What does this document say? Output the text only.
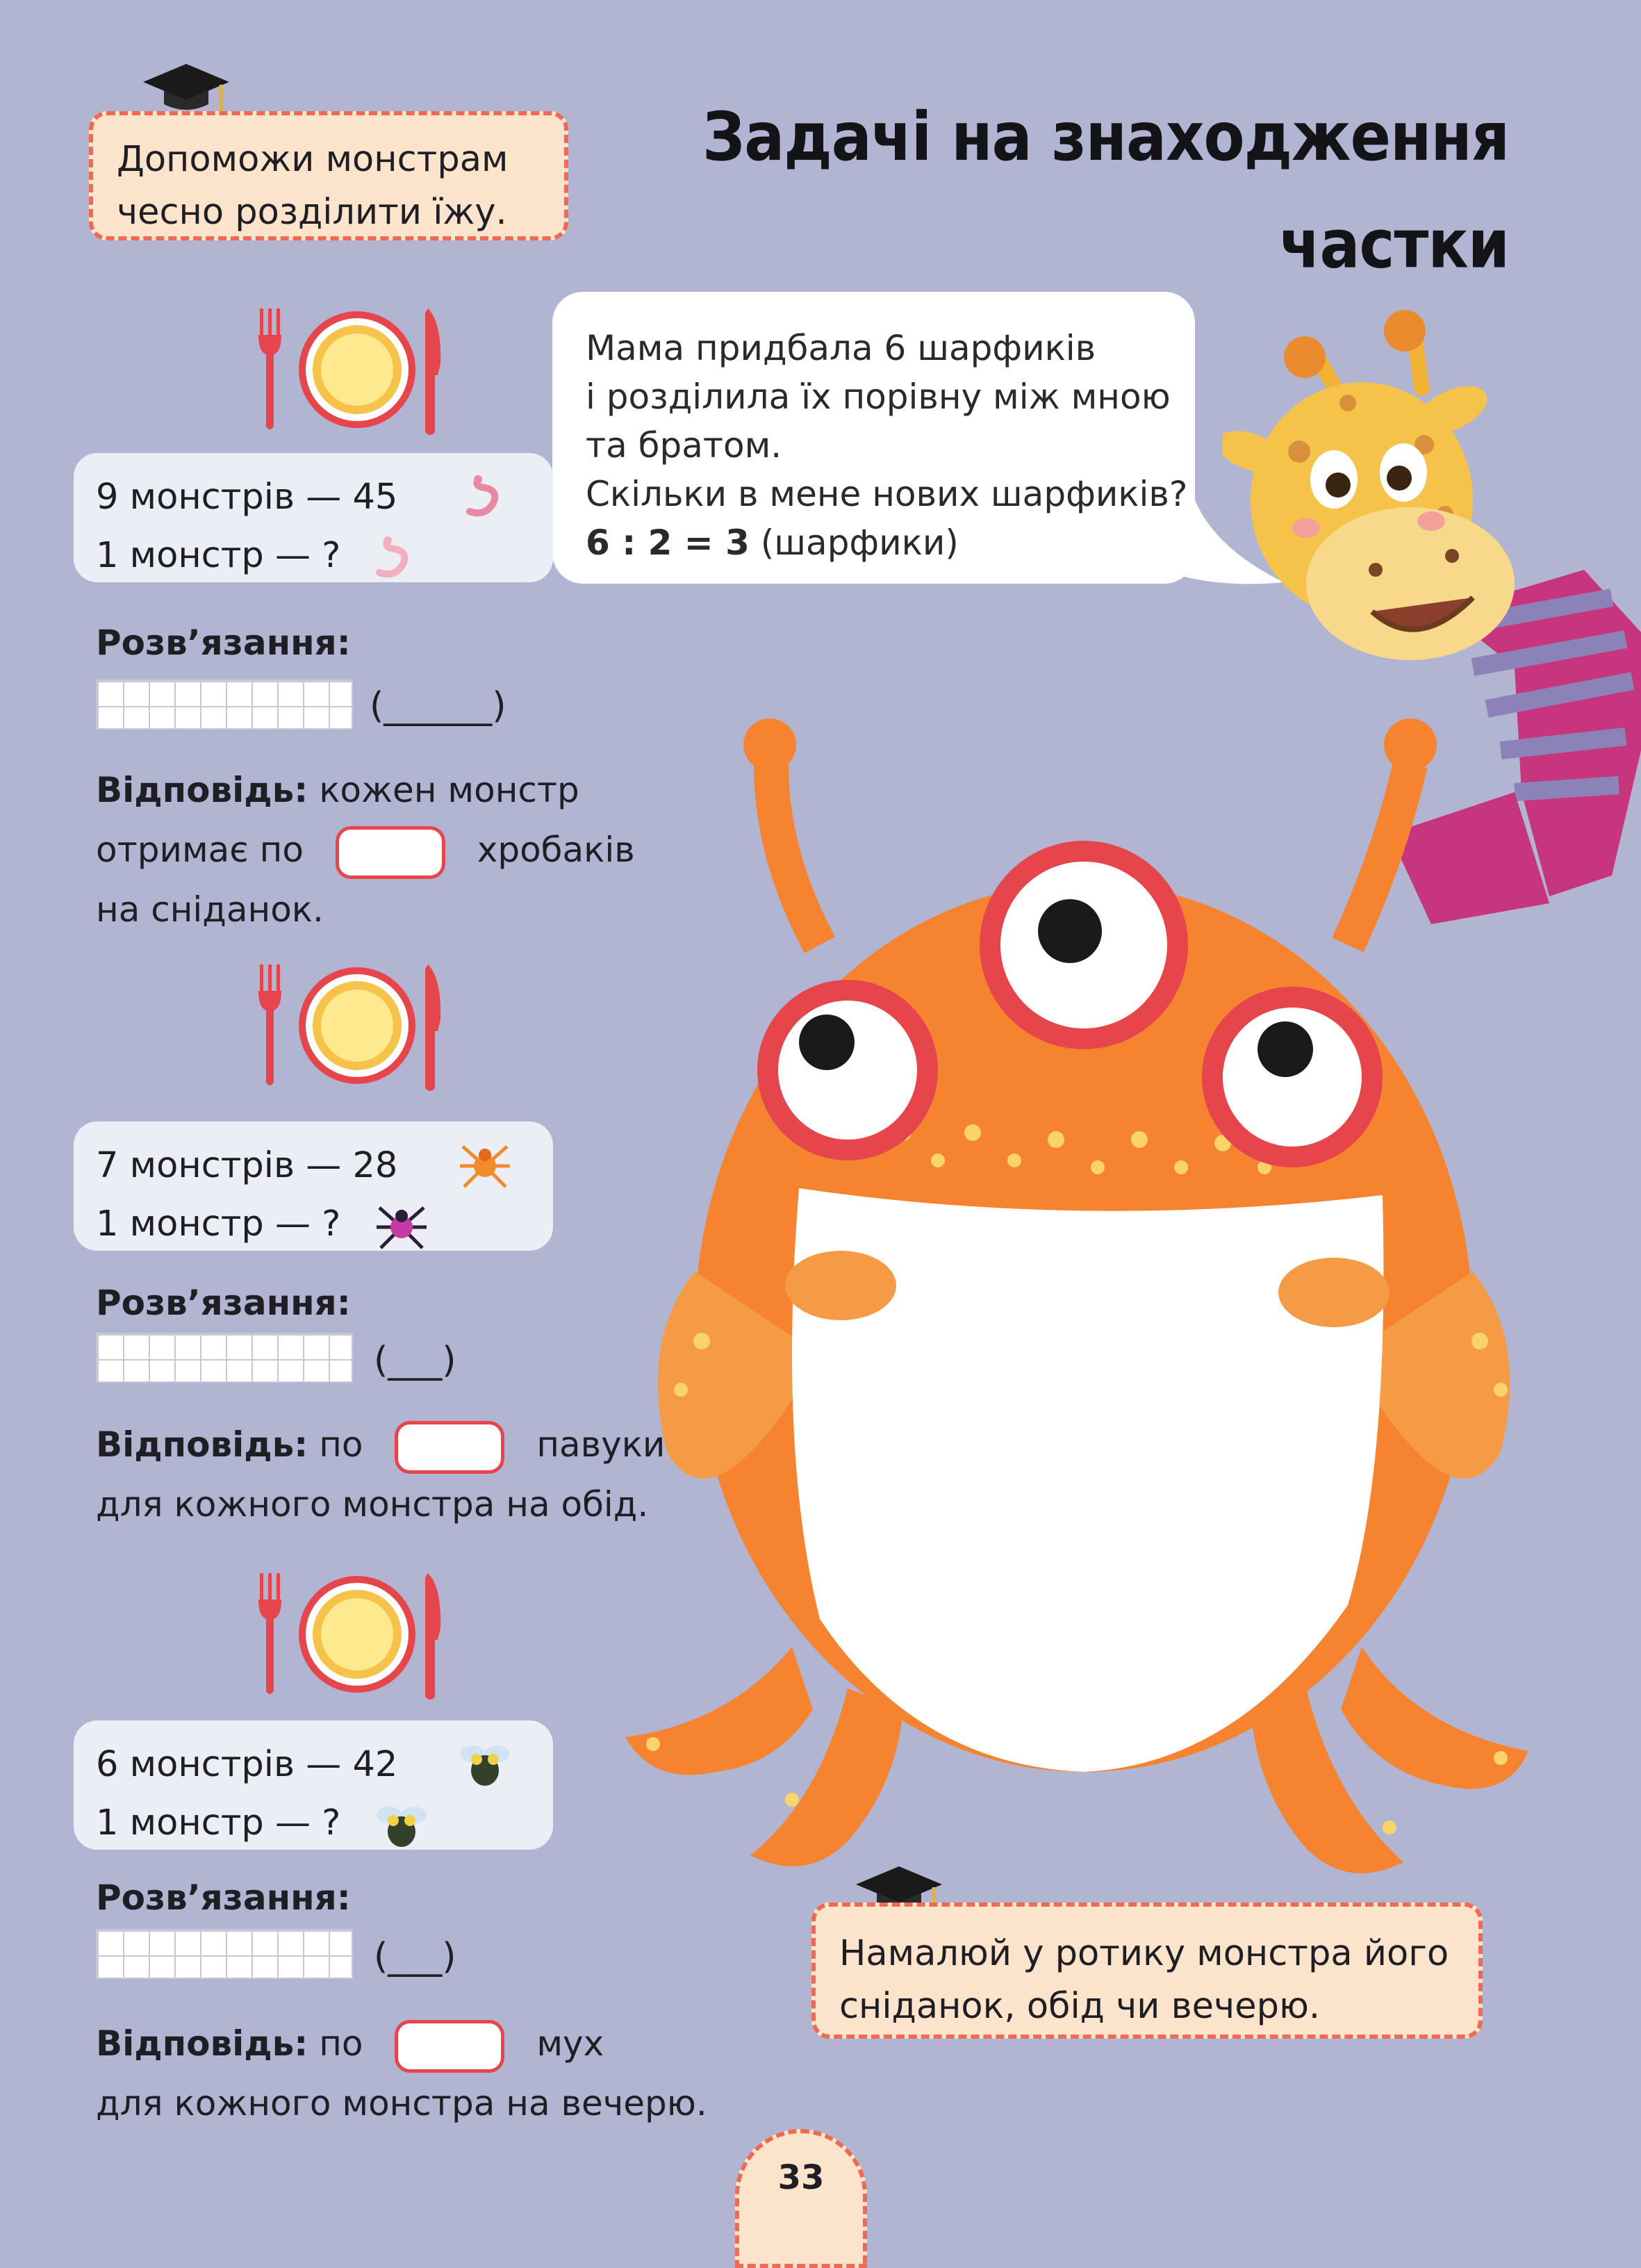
Допоможи монстрам
чесно розділити їжу.
Задачі на знаходження
частки
Мама придбала 6 шарфиків
і розділила їх порівну між мною
та братом.
Скільки в мене нових шарфиків?
6 : 2 = 3 (шарфики)
9 монстрів — 45
1 монстр — ?
Розв’язання:
(______)
Відповідь: кожен монстр
отримає по	хробаків
на сніданок.
7 монстрів — 28
1 монстр — ?
Розв’язання:
(___)
Відповідь: по	павуки
для кожного монстра на обід.
6 монстрів — 42
1 монстр — ?
Розв’язання:
(___)
Відповідь: по	мух
для кожного монстра на вечерю.
Намалюй у ротику монстра його
сніданок, обід чи вечерю.
33
